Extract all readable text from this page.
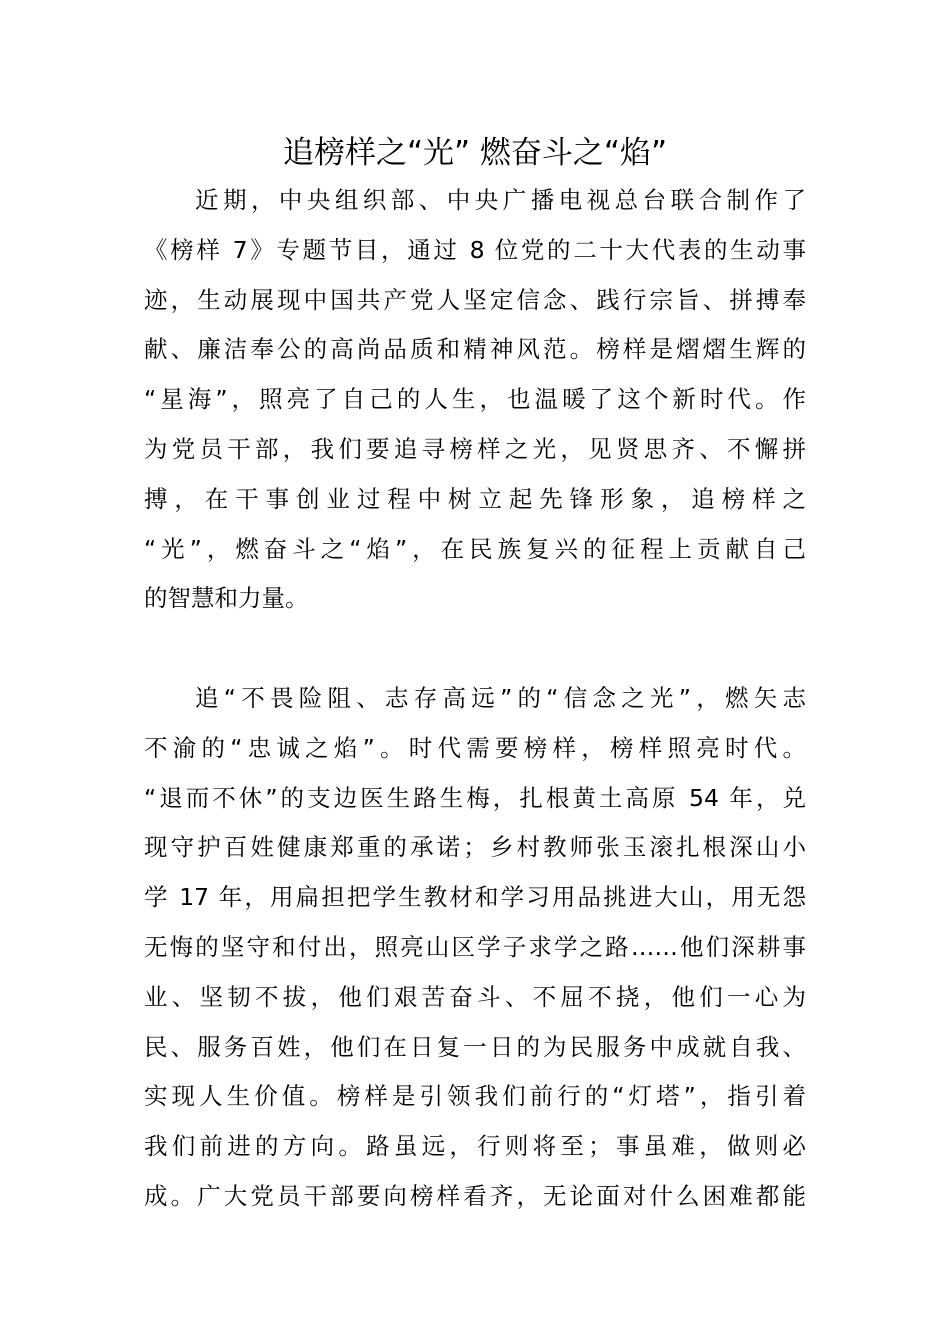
追榜样之“光” 燃奋斗之“焰”
近期，中央组织部、中央广播电视总台联合制作了
《榜样 7》专题节目，通过 8 位党的二十大代表的生动事
迹，生动展现中国共产党人坚定信念、践行宗旨、拼搏奉
献、廉洁奉公的高尚品质和精神风范。榜样是熠熠生辉的
“星海”，照亮了自己的人生，也温暖了这个新时代。作
为党员干部，我们要追寻榜样之光，见贤思齐、不懈拼
搏，在干事创业过程中树立起先锋形象，追榜样之
“光”，燃奋斗之“焰”，在民族复兴的征程上贡献自己
的智慧和力量。
追“不畏险阻、志存高远”的“信念之光”，燃矢志
不渝的“忠诚之焰”。时代需要榜样，榜样照亮时代。
“退而不休”的支边医生路生梅，扎根黄土高原 54 年，兑
现守护百姓健康郑重的承诺；乡村教师张玉滚扎根深山小
学 17 年，用扁担把学生教材和学习用品挑进大山，用无怨
无悔的坚守和付出，照亮山区学子求学之路……他们深耕事
业、坚韧不拔，他们艰苦奋斗、不屈不挠，他们一心为
民、服务百姓，他们在日复一日的为民服务中成就自我、
实现人生价值。榜样是引领我们前行的“灯塔”，指引着
我们前进的方向。路虽远，行则将至；事虽难，做则必
成。广大党员干部要向榜样看齐，无论面对什么困难都能
